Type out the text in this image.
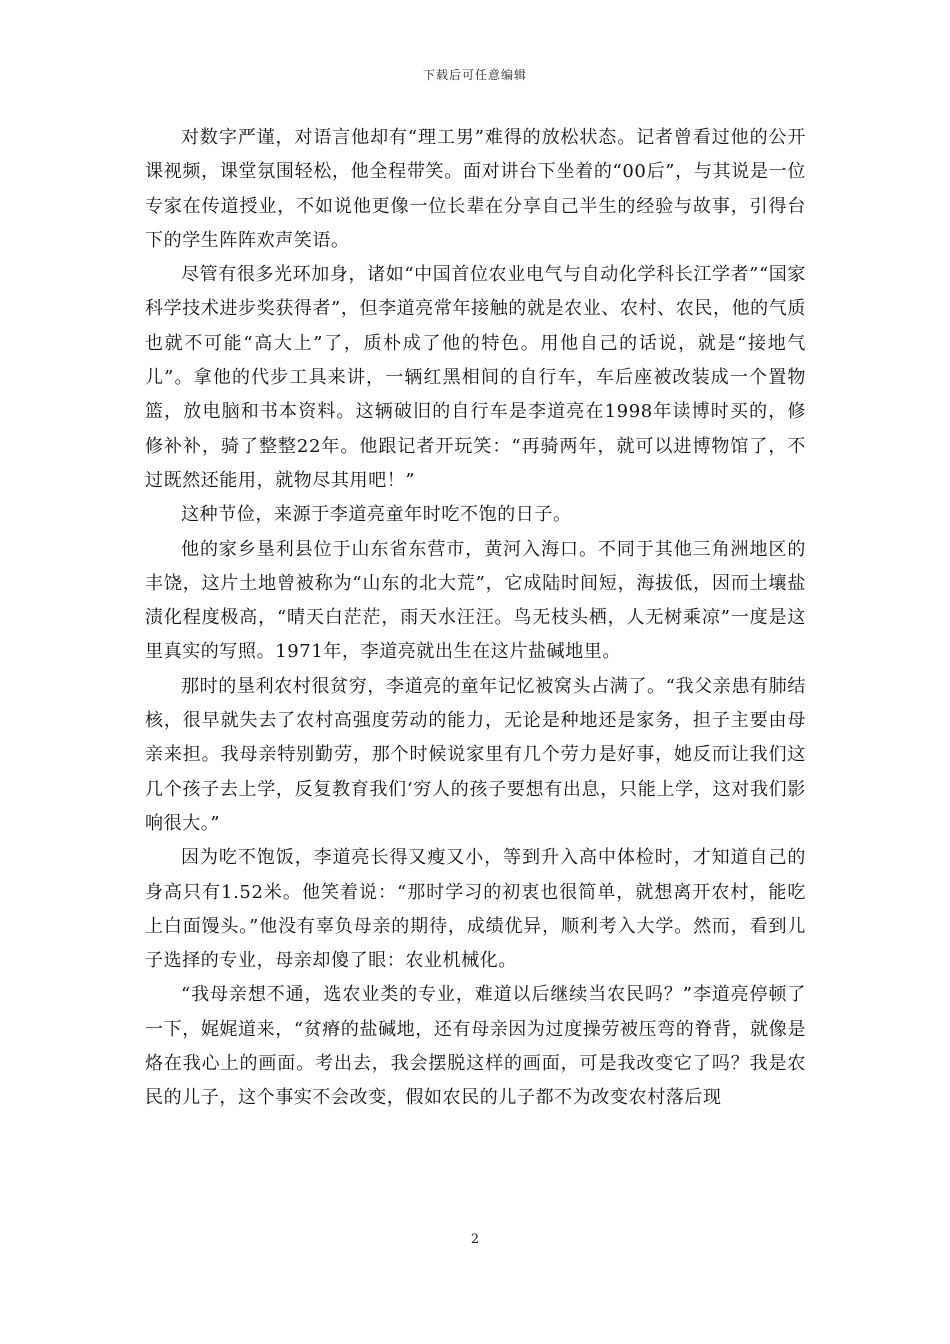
下载后可任意编辑

对数字严谨，对语言他却有“理工男”难得的放松状态。记者曾看过他的公开课视频，课堂氛围轻松，他全程带笑。面对讲台下坐着的“00后”，与其说是一位专家在传道授业，不如说他更像一位长辈在分享自己半生的经验与故事，引得台下的学生阵阵欢声笑语。

尽管有很多光环加身，诸如“中国首位农业电气与自动化学科长江学者”“国家科学技术进步奖获得者”，但李道亮常年接触的就是农业、农村、农民，他的气质也就不可能“高大上”了，质朴成了他的特色。用他自己的话说，就是“接地气儿”。拿他的代步工具来讲，一辆红黑相间的自行车，车后座被改装成一个置物篮，放电脑和书本资料。这辆破旧的自行车是李道亮在1998年读博时买的，修修补补，骑了整整22年。他跟记者开玩笑：“再骑两年，就可以进博物馆了，不过既然还能用，就物尽其用吧！”

这种节俭，来源于李道亮童年时吃不饱的日子。

他的家乡垦利县位于山东省东营市，黄河入海口。不同于其他三角洲地区的丰饶，这片土地曾被称为“山东的北大荒”，它成陆时间短，海拔低，因而土壤盐渍化程度极高，“晴天白茫茫，雨天水汪汪。鸟无枝头栖，人无树乘凉”一度是这里真实的写照。1971年，李道亮就出生在这片盐碱地里。

那时的垦利农村很贫穷，李道亮的童年记忆被窝头占满了。“我父亲患有肺结核，很早就失去了农村高强度劳动的能力，无论是种地还是家务，担子主要由母亲来担。我母亲特别勤劳，那个时候说家里有几个劳力是好事，她反而让我们这几个孩子去上学，反复教育我们‘穷人的孩子要想有出息，只能上学，这对我们影响很大。”

因为吃不饱饭，李道亮长得又瘦又小，等到升入高中体检时，才知道自己的身高只有1.52米。他笑着说：“那时学习的初衷也很简单，就想离开农村，能吃上白面馒头。”他没有辜负母亲的期待，成绩优异，顺利考入大学。然而，看到儿子选择的专业，母亲却傻了眼：农业机械化。

“我母亲想不通，选农业类的专业，难道以后继续当农民吗？”李道亮停顿了一下，娓娓道来，“贫瘠的盐碱地，还有母亲因为过度操劳被压弯的脊背，就像是烙在我心上的画面。考出去，我会摆脱这样的画面，可是我改变它了吗？我是农民的儿子，这个事实不会改变，假如农民的儿子都不为改变农村落后现

2
